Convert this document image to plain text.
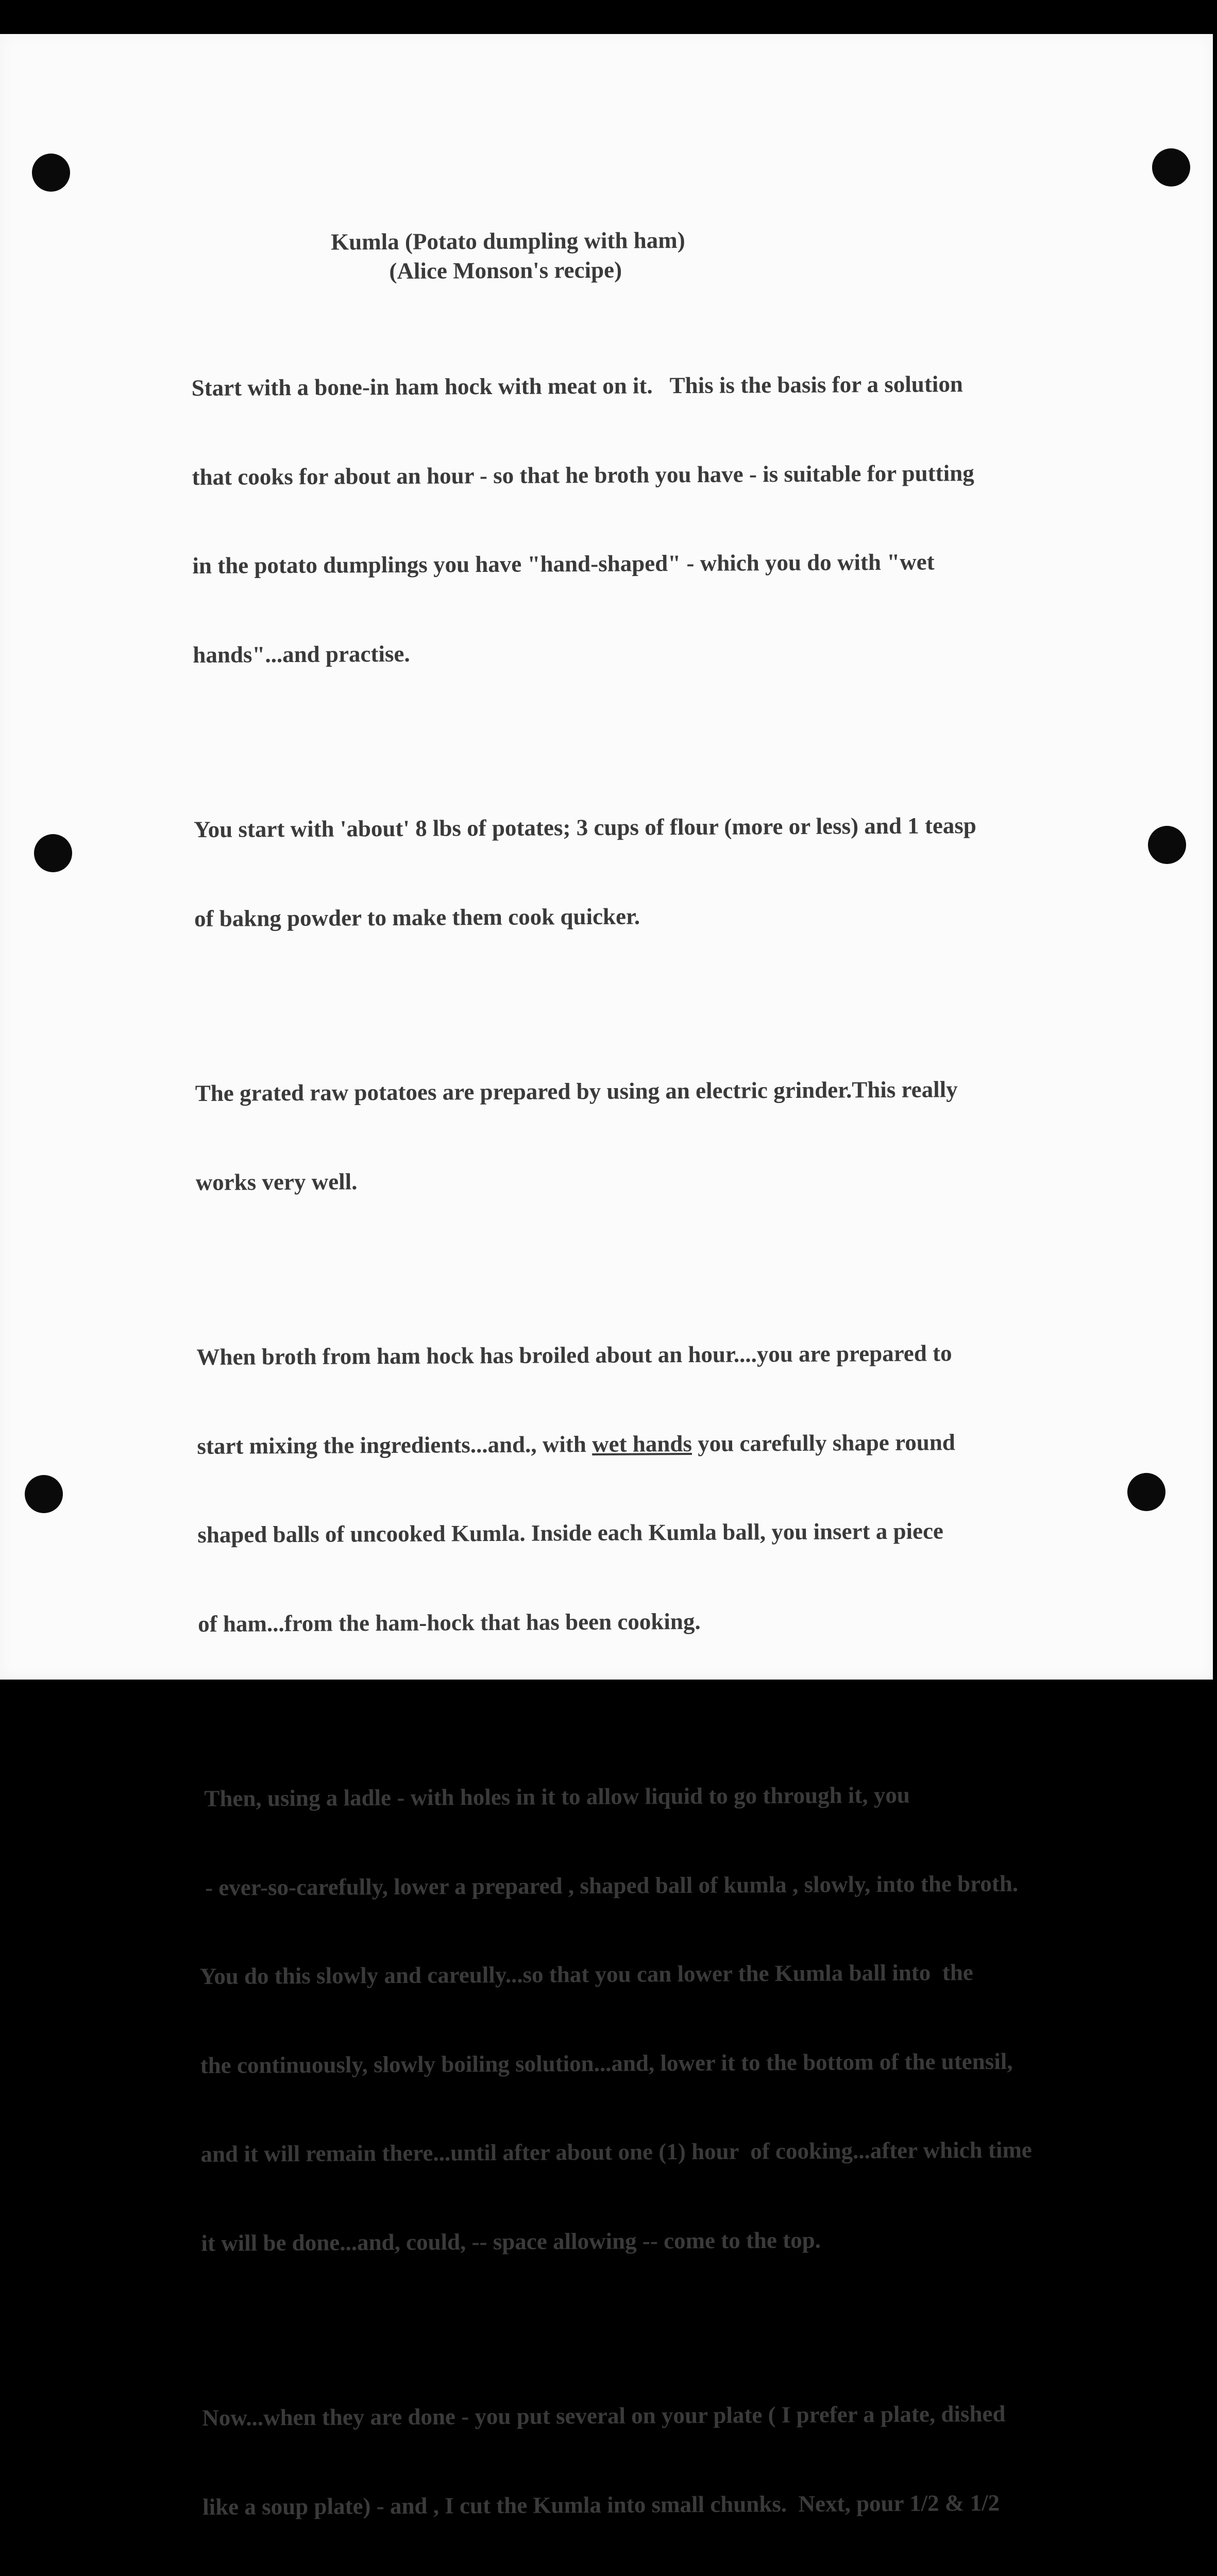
Kumla (Potato dumpling with ham)

(Alice Monson's recipe)

Start with a bone-in ham hock with meat on it.   This is the basis for a solution

that cooks for about an hour - so that he broth you have - is suitable for putting

in the potato dumplings you have "hand-shaped" - which you do with "wet

hands"...and practise.

You start with 'about' 8 lbs of potates; 3 cups of flour (more or less) and 1 teasp

of bakng powder to make them cook quicker.

The grated raw potatoes are prepared by using an electric grinder.This really

works very well.

When broth from ham hock has broiled about an hour....you are prepared to

start mixing the ingredients...and., with wet hands you carefully shape round

shaped balls of uncooked Kumla. Inside each Kumla ball, you insert a piece

of ham...from the ham-hock that has been cooking.

Then, using a ladle - with holes in it to allow liquid to go through it, you

- ever-so-carefully, lower a prepared , shaped ball of kumla , slowly, into the broth.

You do this slowly and careully...so that you can lower the Kumla ball into  the

the continuously, slowly boiling solution...and, lower it to the bottom of the utensil,

and it will remain there...until after about one (1) hour  of cooking...after which time

it will be done...and, could, -- space allowing -- come to the top.

Now...when they are done - you put several on your plate ( I prefer a plate, dished

like a soup plate) - and , I cut the Kumla into small chunks.  Next, pour 1/2 & 1/2
